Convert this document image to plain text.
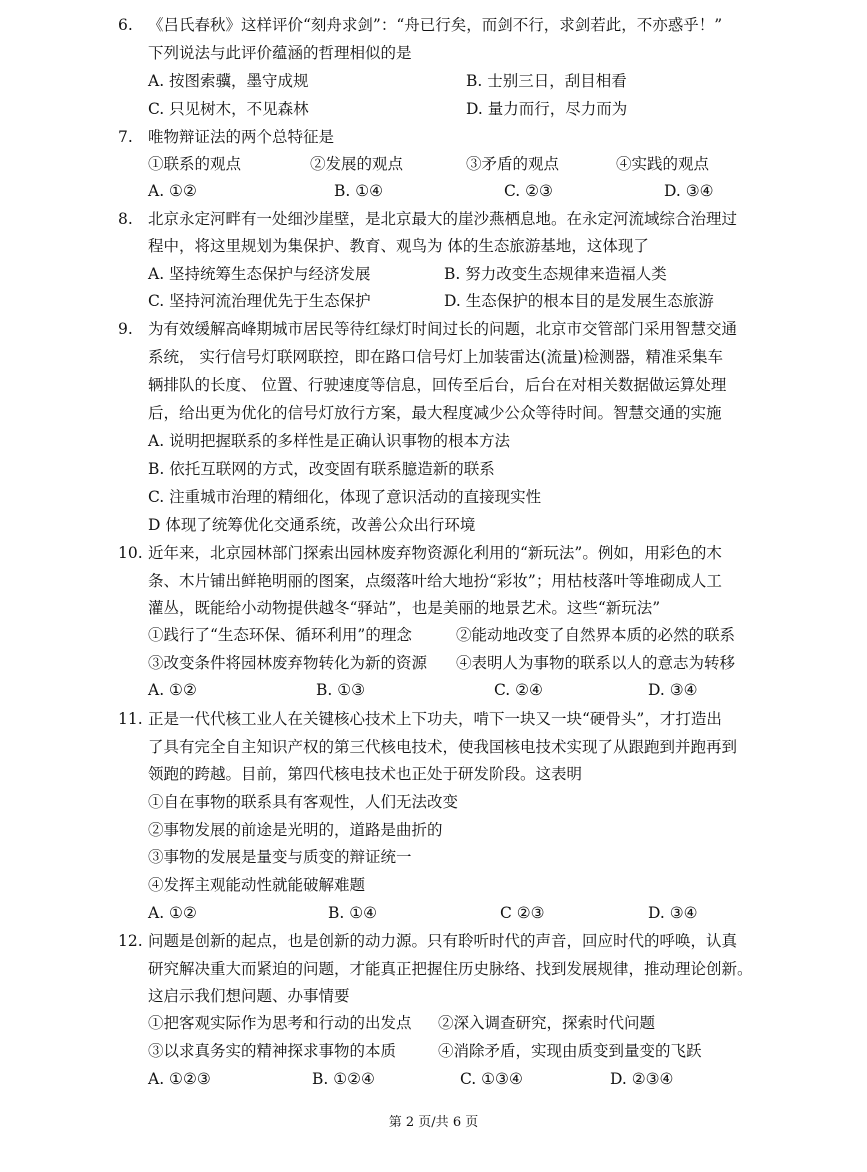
6. 《吕氏春秋》这样评价“刻舟求剑”：“舟已行矣，而剑不行，求剑若此，不亦惑乎！”
下列说法与此评价蕴涵的哲理相似的是
A. 按图索骥，墨守成规	B. 士别三日，刮目相看
C. 只见树木，不见森林	D. 量力而行，尽力而为
7. 唯物辩证法的两个总特征是
①联系的观点	②发展的观点	③矛盾的观点	④实践的观点
A. ①②	B. ①④	C. ②③	D. ③④
8. 北京永定河畔有一处细沙崖壁，是北京最大的崖沙燕栖息地。在永定河流域综合治理过
程中，将这里规划为集保护、教育、观鸟为 体的生态旅游基地，这体现了
A. 坚持统筹生态保护与经济发展	B. 努力改变生态规律来造福人类
C. 坚持河流治理优先于生态保护	D. 生态保护的根本目的是发展生态旅游
9. 为有效缓解高峰期城市居民等待红绿灯时间过长的问题，北京市交管部门采用智慧交通
系统， 实行信号灯联网联控，即在路口信号灯上加装雷达(流量)检测器，精准采集车
辆排队的长度、 位置、行驶速度等信息，回传至后台，后台在对相关数据做运算处理
后，给出更为优化的信号灯放行方案，最大程度减少公众等待时间。智慧交通的实施
A. 说明把握联系的多样性是正确认识事物的根本方法
B. 依托互联网的方式，改变固有联系臆造新的联系
C. 注重城市治理的精细化，体现了意识活动的直接现实性
D 体现了统筹优化交通系统，改善公众出行环境
10. 近年来，北京园林部门探索出园林废弃物资源化利用的“新玩法”。例如，用彩色的木
条、木片铺出鲜艳明丽的图案，点缀落叶给大地扮“彩妆”；用枯枝落叶等堆砌成人工
灌丛，既能给小动物提供越冬“驿站”，也是美丽的地景艺术。这些“新玩法”
①践行了“生态环保、循环利用”的理念	②能动地改变了自然界本质的必然的联系
③改变条件将园林废弃物转化为新的资源 ④表明人为事物的联系以人的意志为转移
A. ①②	B. ①③	C. ②④	D. ③④
11. 正是一代代核工业人在关键核心技术上下功夫，啃下一块又一块“硬骨头”，才打造出
了具有完全自主知识产权的第三代核电技术，使我国核电技术实现了从跟跑到并跑再到
领跑的跨越。目前，第四代核电技术也正处于研发阶段。这表明
①自在事物的联系具有客观性，人们无法改变
②事物发展的前途是光明的，道路是曲折的
③事物的发展是量变与质变的辩证统一
④发挥主观能动性就能破解难题
A. ①②	B. ①④	C ②③	D. ③④
12. 问题是创新的起点，也是创新的动力源。只有聆听时代的声音，回应时代的呼唤，认真
研究解决重大而紧迫的问题，才能真正把握住历史脉络、找到发展规律，推动理论创新。
这启示我们想问题、办事情要
①把客观实际作为思考和行动的出发点 ②深入调查研究，探索时代问题
③以求真务实的精神探求事物的本质	④消除矛盾，实现由质变到量变的飞跃
A. ①②③	B. ①②④	C. ①③④	D. ②③④
第 2 页/共 6 页
